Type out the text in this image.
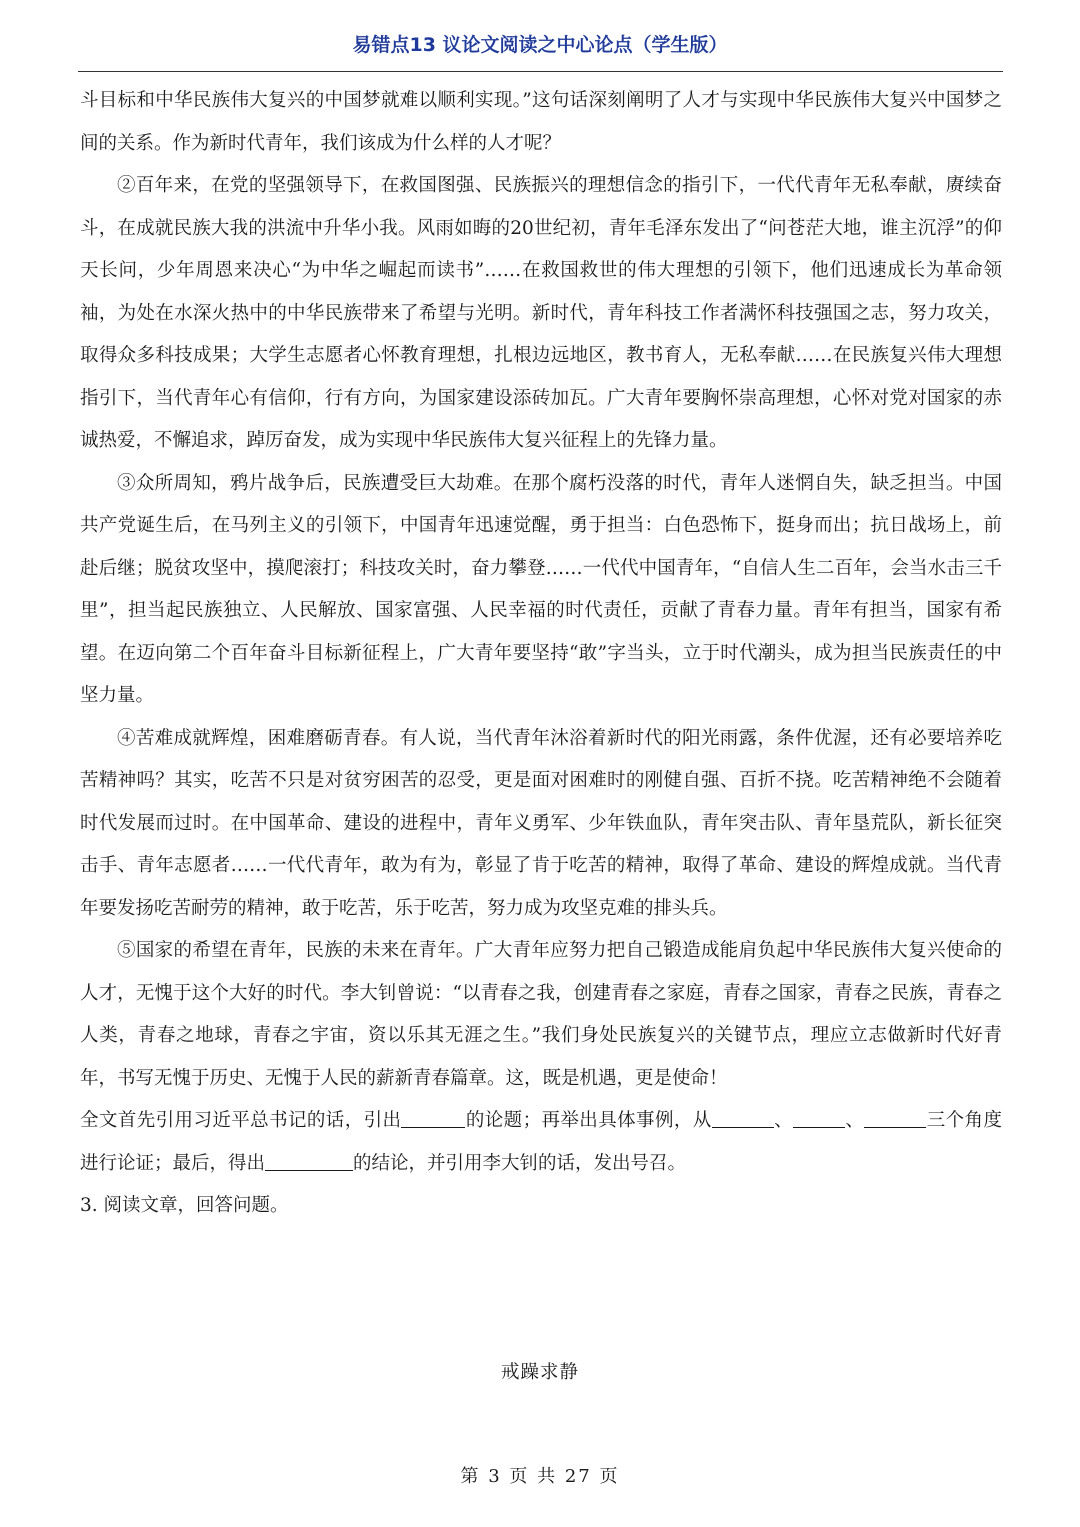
易错点13 议论文阅读之中心论点（学生版）

斗目标和中华民族伟大复兴的中国梦就难以顺利实现。”这句话深刻阐明了人才与实现中华民族伟大复兴中国梦之间的关系。作为新时代青年，我们该成为什么样的人才呢？

②百年来，在党的坚强领导下，在救国图强、民族振兴的理想信念的指引下，一代代青年无私奉献，赓续奋斗，在成就民族大我的洪流中升华小我。风雨如晦的20世纪初，青年毛泽东发出了“问苍茫大地，谁主沉浮”的仰天长问，少年周恩来决心“为中华之崛起而读书”……在救国救世的伟大理想的引领下，他们迅速成长为革命领袖，为处在水深火热中的中华民族带来了希望与光明。新时代，青年科技工作者满怀科技强国之志，努力攻关，取得众多科技成果；大学生志愿者心怀教育理想，扎根边远地区，教书育人，无私奉献……在民族复兴伟大理想指引下，当代青年心有信仰，行有方向，为国家建设添砖加瓦。广大青年要胸怀崇高理想，心怀对党对国家的赤诚热爱，不懈追求，踔厉奋发，成为实现中华民族伟大复兴征程上的先锋力量。

③众所周知，鸦片战争后，民族遭受巨大劫难。在那个腐朽没落的时代，青年人迷惘自失，缺乏担当。中国共产党诞生后，在马列主义的引领下，中国青年迅速觉醒，勇于担当：白色恐怖下，挺身而出；抗日战场上，前赴后继；脱贫攻坚中，摸爬滚打；科技攻关时，奋力攀登……一代代中国青年，“自信人生二百年，会当水击三千里”，担当起民族独立、人民解放、国家富强、人民幸福的时代责任，贡献了青春力量。青年有担当，国家有希望。在迈向第二个百年奋斗目标新征程上，广大青年要坚持“敢”字当头，立于时代潮头，成为担当民族责任的中坚力量。

④苦难成就辉煌，困难磨砺青春。有人说，当代青年沐浴着新时代的阳光雨露，条件优渥，还有必要培养吃苦精神吗？其实，吃苦不只是对贫穷困苦的忍受，更是面对困难时的刚健自强、百折不挠。吃苦精神绝不会随着时代发展而过时。在中国革命、建设的进程中，青年义勇军、少年铁血队，青年突击队、青年垦荒队，新长征突击手、青年志愿者……一代代青年，敢为有为，彰显了肯于吃苦的精神，取得了革命、建设的辉煌成就。当代青年要发扬吃苦耐劳的精神，敢于吃苦，乐于吃苦，努力成为攻坚克难的排头兵。

⑤国家的希望在青年，民族的未来在青年。广大青年应努力把自己锻造成能肩负起中华民族伟大复兴使命的人才，无愧于这个大好的时代。李大钊曾说：“以青春之我，创建青春之家庭，青春之国家，青春之民族，青春之人类，青春之地球，青春之宇宙，资以乐其无涯之生。”我们身处民族复兴的关键节点，理应立志做新时代好青年，书写无愧于历史、无愧于人民的薪新青春篇章。这，既是机遇，更是使命！

全文首先引用习近平总书记的话，引出	的论题；再举出具体事例，从	、	、	三个角度进行论证；最后，得出	的结论，并引用李大钊的话，发出号召。

3. 阅读文章，回答问题。

戒躁求静
第 3 页 共 27 页
